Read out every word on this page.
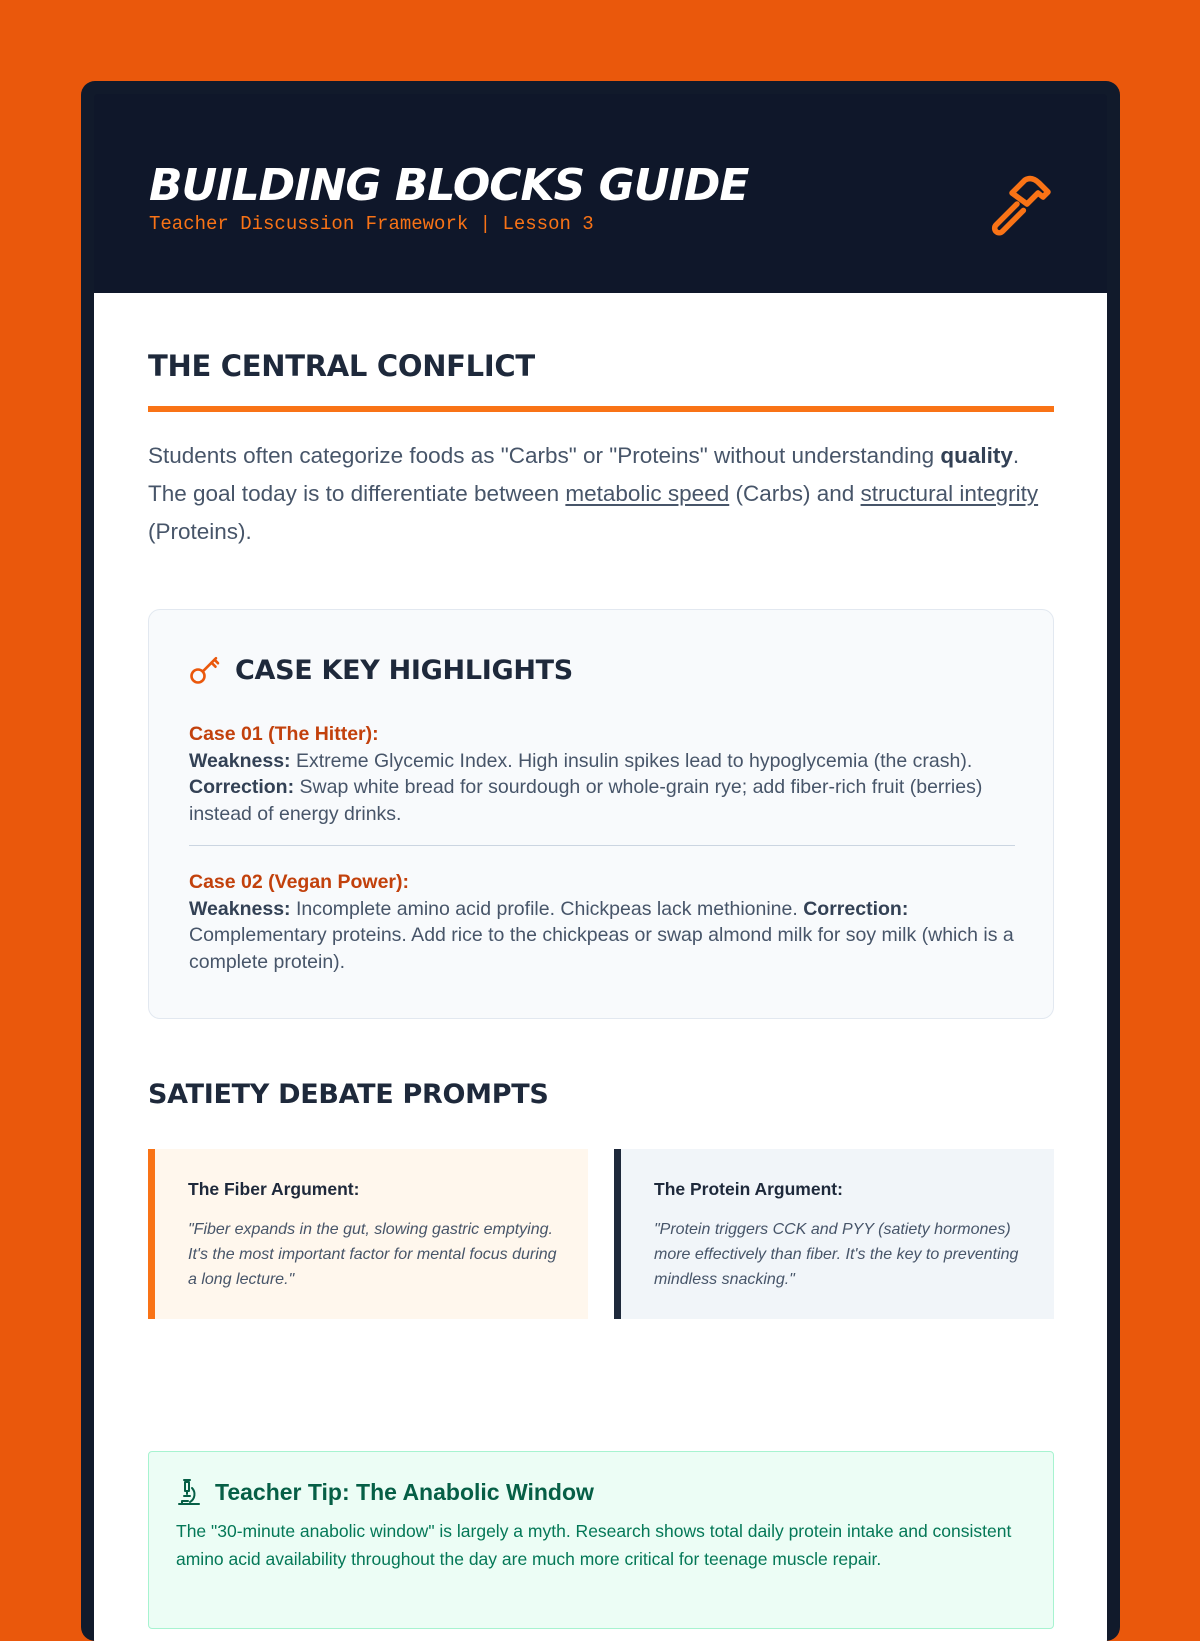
BUILDING BLOCKS GUIDE
Teacher Discussion Framework | Lesson 3
THE CENTRAL CONFLICT

Students often categorize foods as "Carbs" or "Proteins" without understanding quality. The goal today is to differentiate between metabolic speed (Carbs) and structural integrity (Proteins).

CASE KEY HIGHLIGHTS
Case 01 (The Hitter):
Weakness: Extreme Glycemic Index. High insulin spikes lead to hypoglycemia (the crash). Correction: Swap white bread for sourdough or whole-grain rye; add fiber-rich fruit (berries) instead of energy drinks.
Case 02 (Vegan Power):
Weakness: Incomplete amino acid profile. Chickpeas lack methionine. Correction: Complementary proteins. Add rice to the chickpeas or swap almond milk for soy milk (which is a complete protein).
SATIETY DEBATE PROMPTS

The Fiber Argument:

"Fiber expands in the gut, slowing gastric emptying. It's the most important factor for mental focus during a long lecture."

The Protein Argument:

"Protein triggers CCK and PYY (satiety hormones) more effectively than fiber. It's the key to preventing mindless snacking."

Teacher Tip: The Anabolic Window

The "30-minute anabolic window" is largely a myth. Research shows total daily protein intake and consistent amino acid availability throughout the day are much more critical for teenage muscle repair.
